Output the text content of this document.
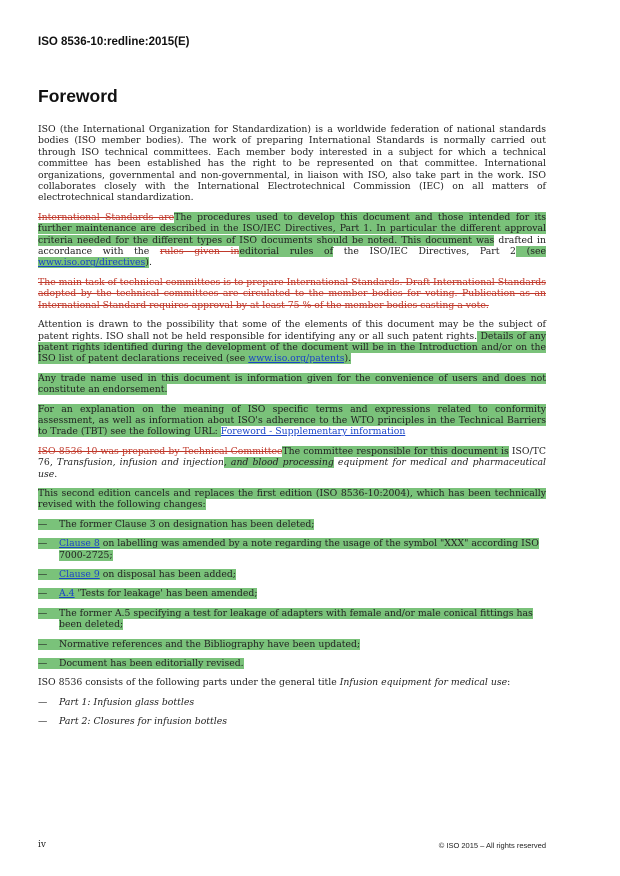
ISO 8536-10:redline:2015(E)
Foreword

ISO (the International Organization for Standardization) is a worldwide federation of national standards bodies (ISO member bodies). The work of preparing International Standards is normally carried out through ISO technical committees. Each member body interested in a subject for which a technical committee has been established has the right to be represented on that committee. International organizations, governmental and non-governmental, in liaison with ISO, also take part in the work. ISO collaborates closely with the International Electrotechnical Commission (IEC) on all matters of electrotechnical standardization.

International Standards areThe procedures used to develop this document and those intended for its further maintenance are described in the ISO/IEC Directives, Part 1. In particular the different approval criteria needed for the different types of ISO documents should be noted. This document was drafted in accordance with the rules given ineditorial rules of the ISO/IEC Directives, Part 2 (see www.iso.org/directives).

The main task of technical committees is to prepare International Standards. Draft International Standards adopted by the technical committees are circulated to the member bodies for voting. Publication as an International Standard requires approval by at least 75 % of the member bodies casting a vote.

Attention is drawn to the possibility that some of the elements of this document may be the subject of patent rights. ISO shall not be held responsible for identifying any or all such patent rights. Details of any patent rights identified during the development of the document will be in the Introduction and/or on the ISO list of patent declarations received (see www.iso.org/patents).

Any trade name used in this document is information given for the convenience of users and does not constitute an endorsement.

For an explanation on the meaning of ISO specific terms and expressions related to conformity assessment, as well as information about ISO's adherence to the WTO principles in the Technical Barriers to Trade (TBT) see the following URL: Foreword - Supplementary information

ISO 8536-10 was prepared by Technical CommitteeThe committee responsible for this document is ISO/TC 76, Transfusion, infusion and injection, and blood processing equipment for medical and pharmaceutical use.

This second edition cancels and replaces the first edition (ISO 8536-10:2004), which has been technically revised with the following changes:

— The former Clause 3 on designation has been deleted;
— Clause 8 on labelling was amended by a note regarding the usage of the symbol "XXX" according ISO 7000-2725;
— Clause 9 on disposal has been added;
— A.4 'Tests for leakage' has been amended;
— The former A.5 specifying a test for leakage of adapters with female and/or male conical fittings has been deleted;
— Normative references and the Bibliography have been updated;
— Document has been editorially revised.

ISO 8536 consists of the following parts under the general title Infusion equipment for medical use:

— Part 1: Infusion glass bottles
— Part 2: Closures for infusion bottles
iv	© ISO 2015 – All rights reserved
